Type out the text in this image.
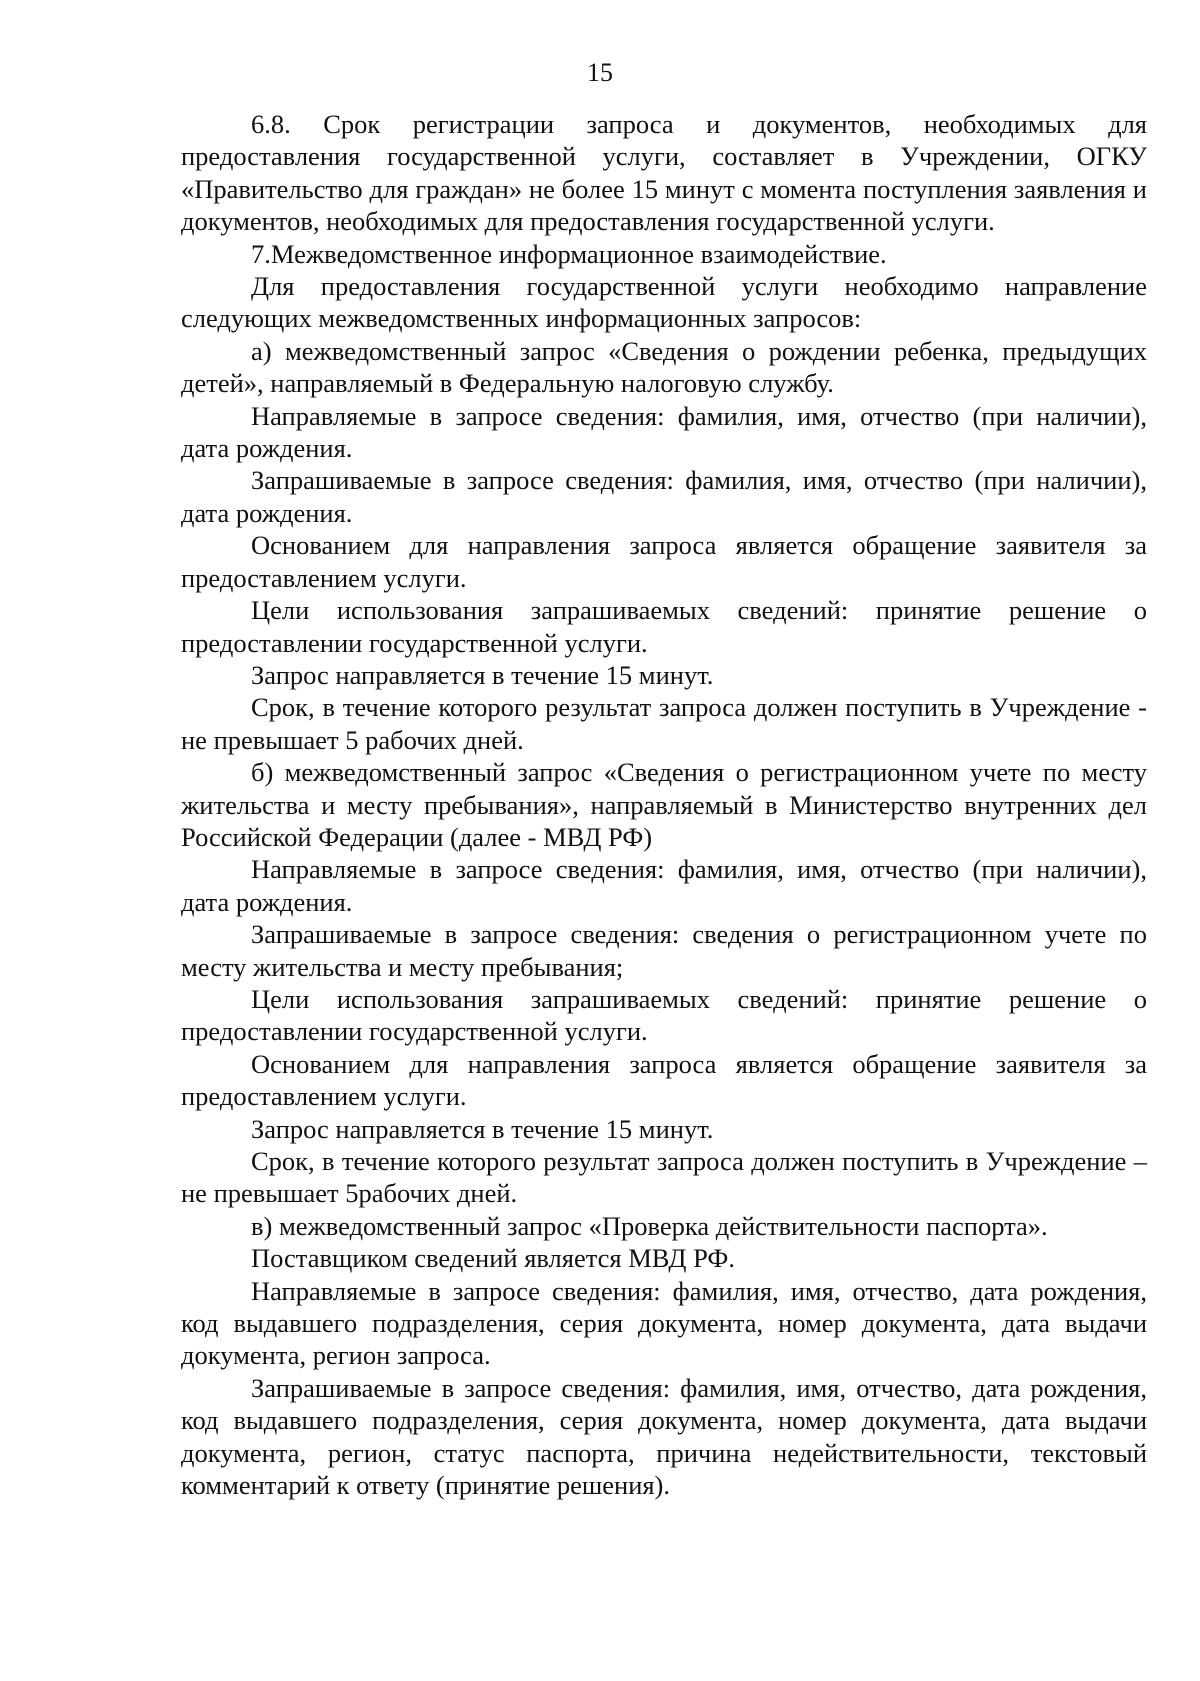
15

6.8. Срок регистрации запроса и документов, необходимых для предоставления государственной услуги, составляет в Учреждении, ОГКУ «Правительство для граждан» не более 15 минут с момента поступления заявления и документов, необходимых для предоставления государственной услуги.

7.Межведомственное информационное взаимодействие.

Для предоставления государственной услуги необходимо направление следующих межведомственных информационных запросов:

а) межведомственный запрос «Сведения о рождении ребенка, предыдущих детей», направляемый в Федеральную налоговую службу.

Направляемые в запросе сведения: фамилия, имя, отчество (при наличии), дата рождения.

Запрашиваемые в запросе сведения: фамилия, имя, отчество (при наличии), дата рождения.

Основанием для направления запроса является обращение заявителя за предоставлением услуги.

Цели использования запрашиваемых сведений: принятие решение о предоставлении государственной услуги.

Запрос направляется в течение 15 минут.

Срок, в течение которого результат запроса должен поступить в Учреждение - не превышает 5 рабочих дней.

б) межведомственный запрос «Сведения о регистрационном учете по месту жительства и месту пребывания», направляемый в Министерство внутренних дел Российской Федерации (далее - МВД РФ)

Направляемые в запросе сведения: фамилия, имя, отчество (при наличии), дата рождения.

Запрашиваемые в запросе сведения: сведения о регистрационном учете по месту жительства и месту пребывания;

Цели использования запрашиваемых сведений: принятие решение о предоставлении государственной услуги.

Основанием для направления запроса является обращение заявителя за предоставлением услуги.

Запрос направляется в течение 15 минут.

Срок, в течение которого результат запроса должен поступить в Учреждение – не превышает 5рабочих дней.

в) межведомственный запрос «Проверка действительности паспорта».

Поставщиком сведений является МВД РФ.

Направляемые в запросе сведения: фамилия, имя, отчество, дата рождения, код выдавшего подразделения, серия документа, номер документа, дата выдачи документа, регион запроса.

Запрашиваемые в запросе сведения: фамилия, имя, отчество, дата рождения, код выдавшего подразделения, серия документа, номер документа, дата выдачи документа, регион, статус паспорта, причина недействительности, текстовый комментарий к ответу (принятие решения).
